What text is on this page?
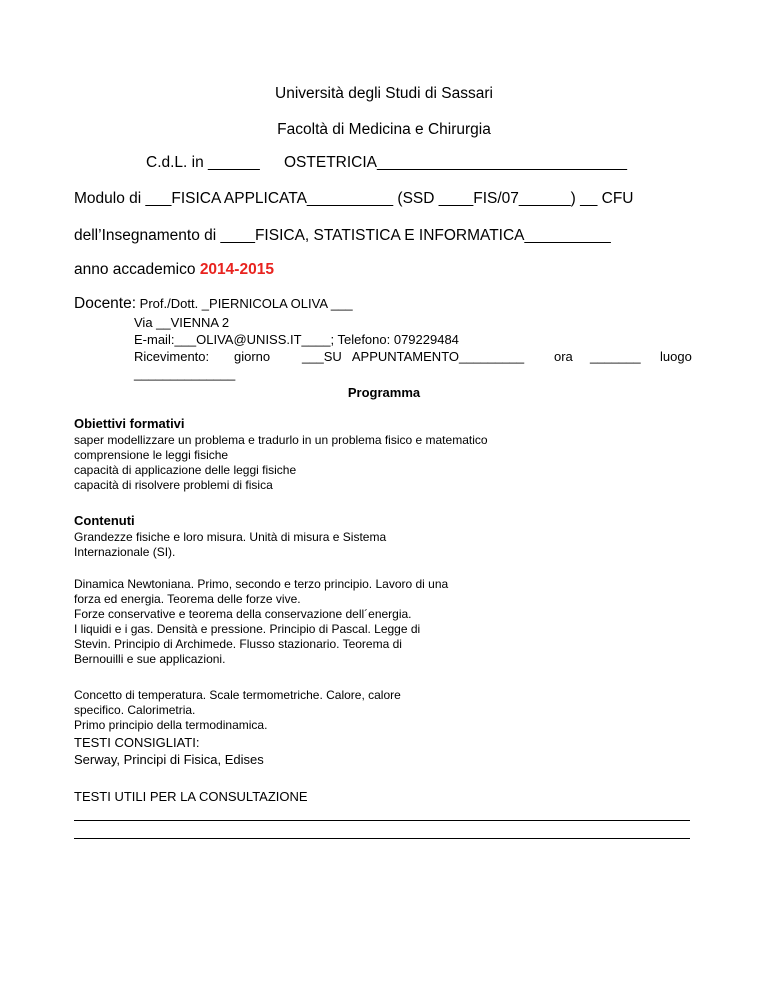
Università degli Studi di Sassari
Facoltà di Medicina e Chirurgia
C.d.L. in ______ OSTETRICIA_____________________________
Modulo di ___FISICA APPLICATA__________ (SSD ____FIS/07______) __ CFU
dell’Insegnamento di ____FISICA, STATISTICA E INFORMATICA__________
anno accademico 2014-2015
Docente: Prof./Dott. _PIERNICOLA OLIVA ___
Via __VIENNA 2
E-mail:___OLIVA@UNISS.IT____; Telefono: 079229484
Ricevimento: giorno ___SU   APPUNTAMENTO_________ ora _______ luogo
______________
Programma
Obiettivi formativi
saper modellizzare un problema e tradurlo in un problema fisico e matematico
comprensione le leggi fisiche
capacità di applicazione delle leggi fisiche
capacità di risolvere problemi di fisica
Contenuti
Grandezze fisiche e loro misura. Unità di misura e Sistema
Internazionale (SI).
Dinamica Newtoniana. Primo, secondo e terzo principio. Lavoro di una
forza ed energia. Teorema delle forze vive.
Forze conservative e teorema della conservazione dell´energia.
I liquidi e i gas. Densità e pressione. Principio di Pascal. Legge di
Stevin. Principio di Archimede. Flusso stazionario. Teorema di
Bernouilli e sue applicazioni.
Concetto di temperatura. Scale termometriche. Calore, calore
specifico. Calorimetria.
Primo principio della termodinamica.
TESTI CONSIGLIATI:
Serway, Principi di Fisica, Edises
TESTI UTILI PER LA CONSULTAZIONE
